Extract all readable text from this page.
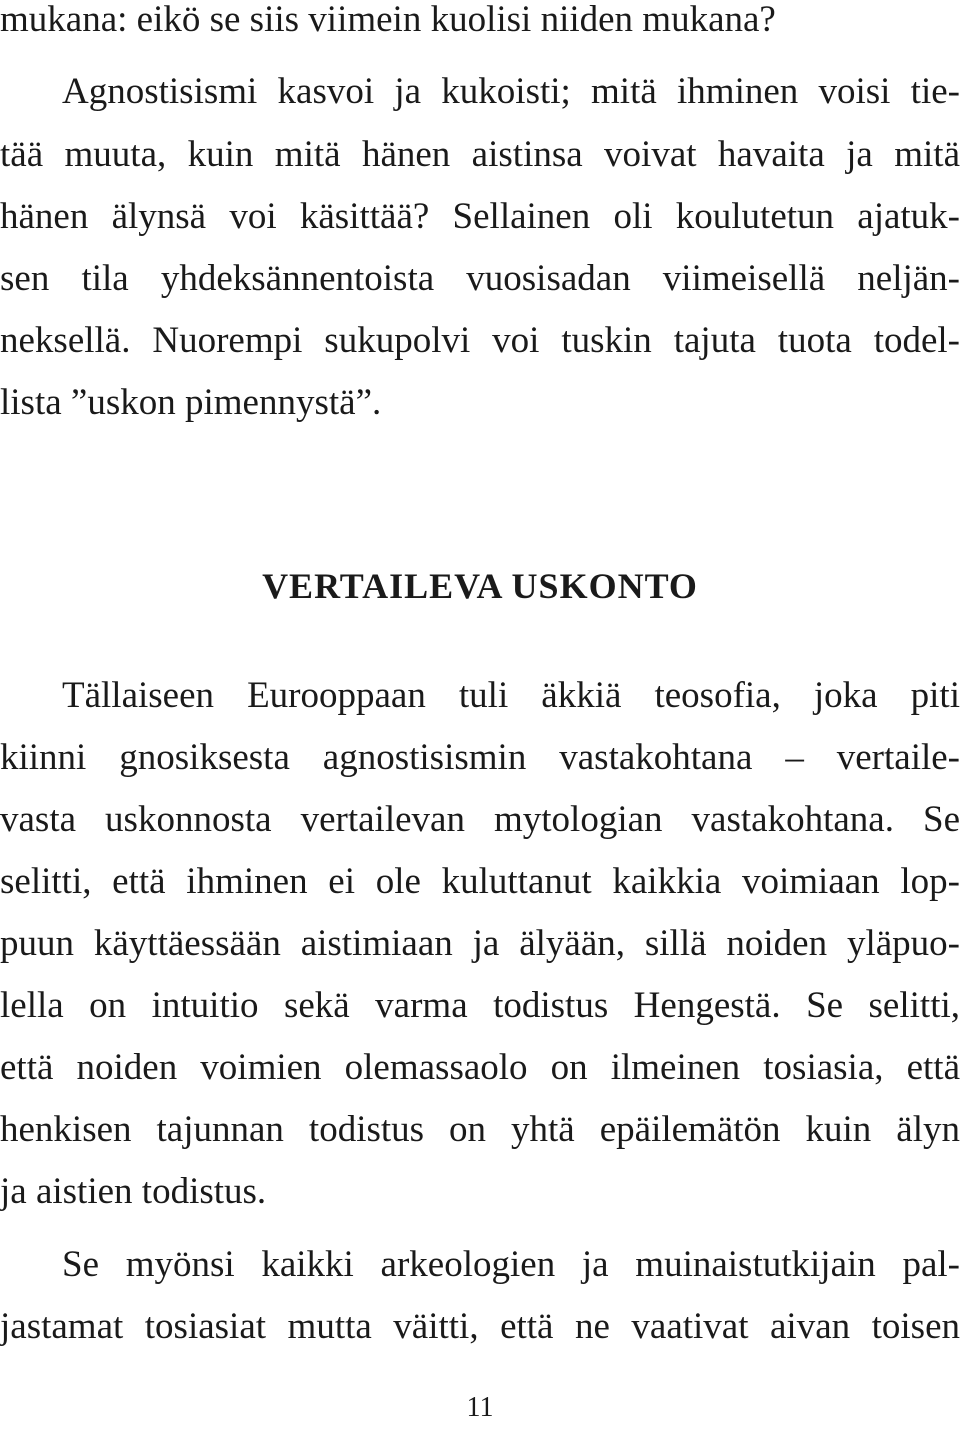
mukana: eikö se siis viimein kuolisi niiden mukana?
Agnostisismi kasvoi ja kukoisti; mitä ihminen voisi tie-
tää muuta, kuin mitä hänen aistinsa voivat havaita ja mitä
hänen älynsä voi käsittää? Sellainen oli koulutetun ajatuk-
sen tila yhdeksännentoista vuosisadan viimeisellä neljän-
neksellä. Nuorempi sukupolvi voi tuskin tajuta tuota todel-
lista ”uskon pimennystä”.
VERTAILEVA USKONTO
Tällaiseen Eurooppaan tuli äkkiä teosofia, joka piti
kiinni gnosiksesta agnostisismin vastakohtana – vertaile-
vasta uskonnosta vertailevan mytologian vastakohtana. Se
selitti, että ihminen ei ole kuluttanut kaikkia voimiaan lop-
puun käyttäessään aistimiaan ja älyään, sillä noiden yläpuo-
lella on intuitio sekä varma todistus Hengestä. Se selitti,
että noiden voimien olemassaolo on ilmeinen tosiasia, että
henkisen tajunnan todistus on yhtä epäilemätön kuin älyn
ja aistien todistus.
Se myönsi kaikki arkeologien ja muinaistutkijain pal-
jastamat tosiasiat mutta väitti, että ne vaativat aivan toisen
11
